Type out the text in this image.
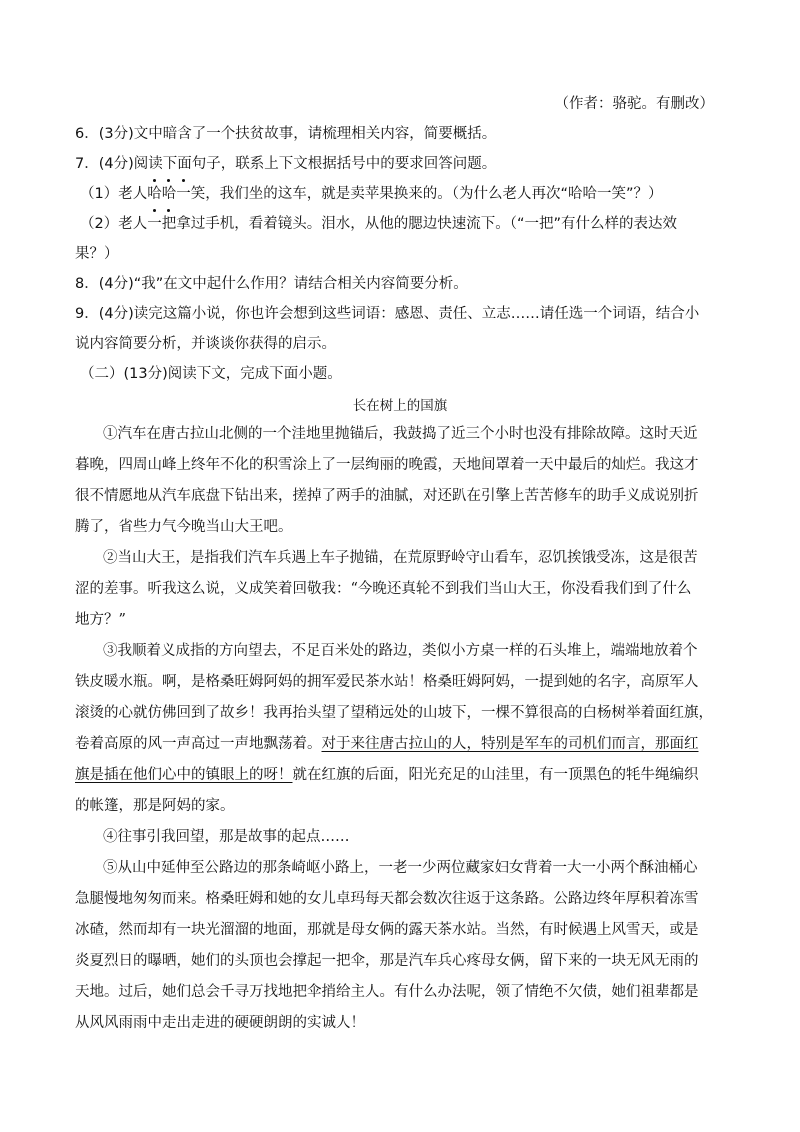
（作者：骆驼。有删改）
6．(3分)文中暗含了一个扶贫故事，请梳理相关内容，简要概括。
7．(4分)阅读下面句子，联系上下文根据括号中的要求回答问题。
（1）老人哈哈一笑，我们坐的这车，就是卖苹果换来的。（为什么老人再次“哈哈一笑”？）
（2）老人一把拿过手机，看着镜头。泪水，从他的腮边快速流下。（“一把”有什么样的表达效
果？）
8．(4分)“我”在文中起什么作用？请结合相关内容简要分析。
9．(4分)读完这篇小说，你也许会想到这些词语：感恩、责任、立志……请任选一个词语，结合小
说内容简要分析，并谈谈你获得的启示。
（二）(13分)阅读下文，完成下面小题。
长在树上的国旗
①汽车在唐古拉山北侧的一个洼地里抛锚后，我鼓捣了近三个小时也没有排除故障。这时天近
暮晚，四周山峰上终年不化的积雪涂上了一层绚丽的晚霞，天地间罩着一天中最后的灿烂。我这才
很不情愿地从汽车底盘下钻出来，搓掉了两手的油腻，对还趴在引擎上苦苦修车的助手义成说别折
腾了，省些力气今晚当山大王吧。
②当山大王，是指我们汽车兵遇上车子抛锚，在荒原野岭守山看车，忍饥挨饿受冻，这是很苦
涩的差事。听我这么说，义成笑着回敬我：“今晚还真轮不到我们当山大王，你没看我们到了什么
地方？”
③我顺着义成指的方向望去，不足百米处的路边，类似小方桌一样的石头堆上，端端地放着个
铁皮暖水瓶。啊，是格桑旺姆阿妈的拥军爱民茶水站！格桑旺姆阿妈，一提到她的名字，高原军人
滚烫的心就仿佛回到了故乡！我再抬头望了望稍远处的山坡下，一棵不算很高的白杨树举着面红旗，
卷着高原的风一声高过一声地飘荡着。对于来往唐古拉山的人，特别是军车的司机们而言，那面红
旗是插在他们心中的镇眼上的呀！就在红旗的后面，阳光充足的山洼里，有一顶黑色的牦牛绳编织
的帐篷，那是阿妈的家。
④往事引我回望，那是故事的起点……
⑤从山中延伸至公路边的那条崎岖小路上，一老一少两位藏家妇女背着一大一小两个酥油桶心
急腿慢地匆匆而来。格桑旺姆和她的女儿卓玛每天都会数次往返于这条路。公路边终年厚积着冻雪
冰碴，然而却有一块光溜溜的地面，那就是母女俩的露天茶水站。当然，有时候遇上风雪天，或是
炎夏烈日的曝晒，她们的头顶也会撑起一把伞，那是汽车兵心疼母女俩，留下来的一块无风无雨的
天地。过后，她们总会千寻万找地把伞捎给主人。有什么办法呢，领了情绝不欠债，她们祖辈都是
从风风雨雨中走出走进的硬硬朗朗的实诚人！
